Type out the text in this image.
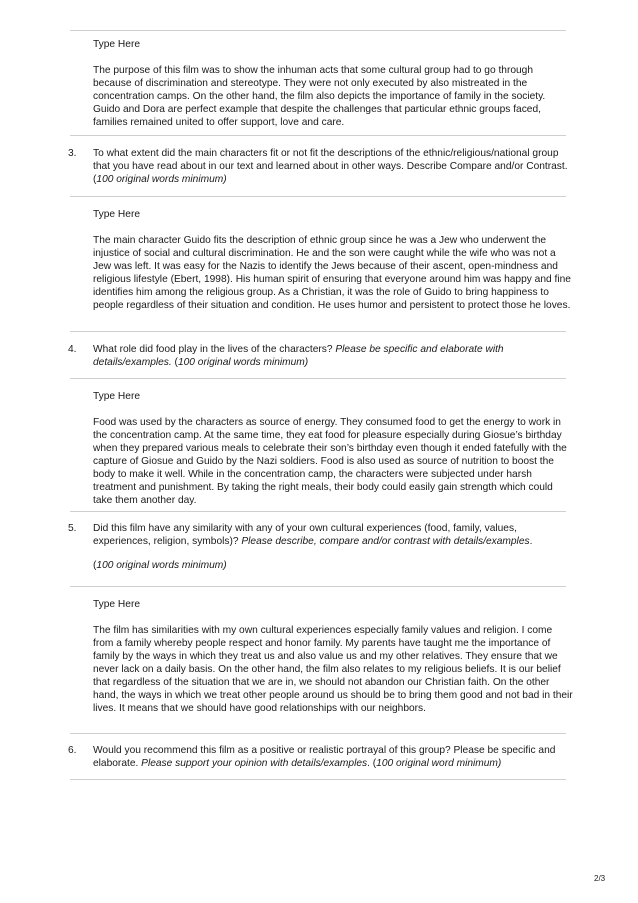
Type Here

The purpose of this film was to show the inhuman acts that some cultural group had to go through because of discrimination and stereotype. They were not only executed by also mistreated in the concentration camps. On the other hand, the film also depicts the importance of family in the society. Guido and Dora are perfect example that despite the challenges that particular ethnic groups faced, families remained united to offer support, love and care.

3. To what extent did the main characters fit or not fit the descriptions of the ethnic/religious/national group that you have read about in our text and learned about in other ways. Describe Compare and/or Contrast. (100 original words minimum)

Type Here

The main character Guido fits the description of ethnic group since he was a Jew who underwent the injustice of social and cultural discrimination. He and the son were caught while the wife who was not a Jew was left. It was easy for the Nazis to identify the Jews because of their ascent, open-mindness and religious lifestyle (Ebert, 1998). His human spirit of ensuring that everyone around him was happy and fine identifies him among the religious group. As a Christian, it was the role of Guido to bring happiness to people regardless of their situation and condition. He uses humor and persistent to protect those he loves.

4. What role did food play in the lives of the characters? Please be specific and elaborate with details/examples. (100 original words minimum)

Type Here

Food was used by the characters as source of energy. They consumed food to get the energy to work in the concentration camp. At the same time, they eat food for pleasure especially during Giosue’s birthday when they prepared various meals to celebrate their son’s birthday even though it ended fatefully with the capture of Giosue and Guido by the Nazi soldiers. Food is also used as source of nutrition to boost the body to make it well. While in the concentration camp, the characters were subjected under harsh treatment and punishment. By taking the right meals, their body could easily gain strength which could take them another day.

5. Did this film have any similarity with any of your own cultural experiences (food, family, values, experiences, religion, symbols)? Please describe, compare and/or contrast with details/examples.

(100 original words minimum)

Type Here

The film has similarities with my own cultural experiences especially family values and religion. I come from a family whereby people respect and honor family. My parents have taught me the importance of family by the ways in which they treat us and also value us and my other relatives. They ensure that we never lack on a daily basis. On the other hand, the film also relates to my religious beliefs. It is our belief that regardless of the situation that we are in, we should not abandon our Christian faith. On the other hand, the ways in which we treat other people around us should be to bring them good and not bad in their lives. It means that we should have good relationships with our neighbors.

6. Would you recommend this film as a positive or realistic portrayal of this group? Please be specific and elaborate. Please support your opinion with details/examples. (100 original word minimum)

2/3
